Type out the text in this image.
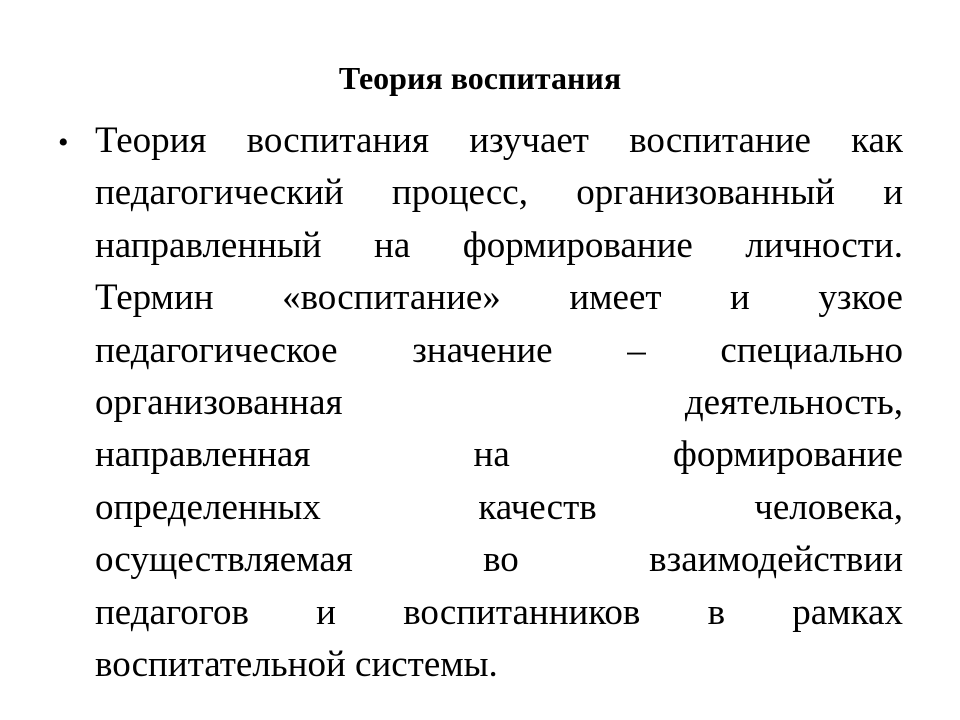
Теория воспитания
• Теория воспитания изучает воспитание как
педагогический процесс, организованный и
направленный на формирование личности.
Термин «воспитание» имеет и узкое
педагогическое значение – специально
организованная	деятельность,
направленная	на	формирование
определенных	качеств	человека,
осуществляемая	во	взаимодействии
педагогов и воспитанников в рамках
воспитательной системы.
